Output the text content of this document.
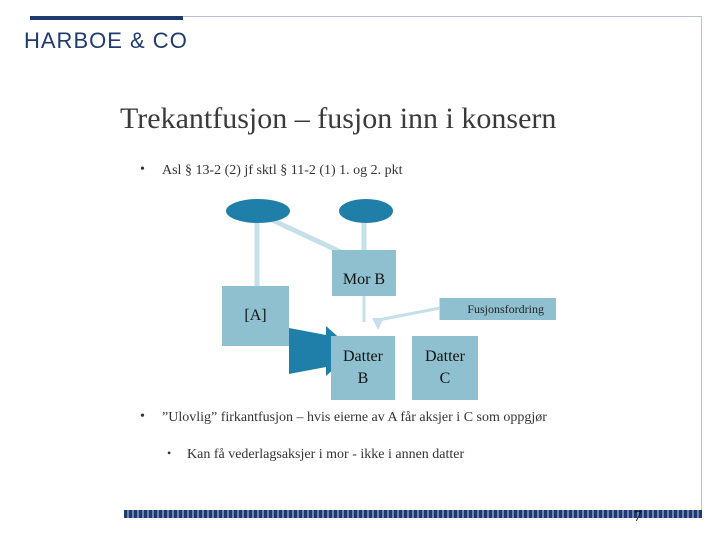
HARBOE & CO
Trekantfusjon – fusjon inn i konsern
• Asl § 13-2 (2) jf sktl § 11-2 (1) 1. og 2. pkt
Mor B
[A]	Fusjonsfordring
Datter B
Datter C
• ”Ulovlig” firkantfusjon – hvis eierne av A får aksjer i C som oppgjør
• Kan få vederlagsaksjer i mor - ikke i annen datter
7
